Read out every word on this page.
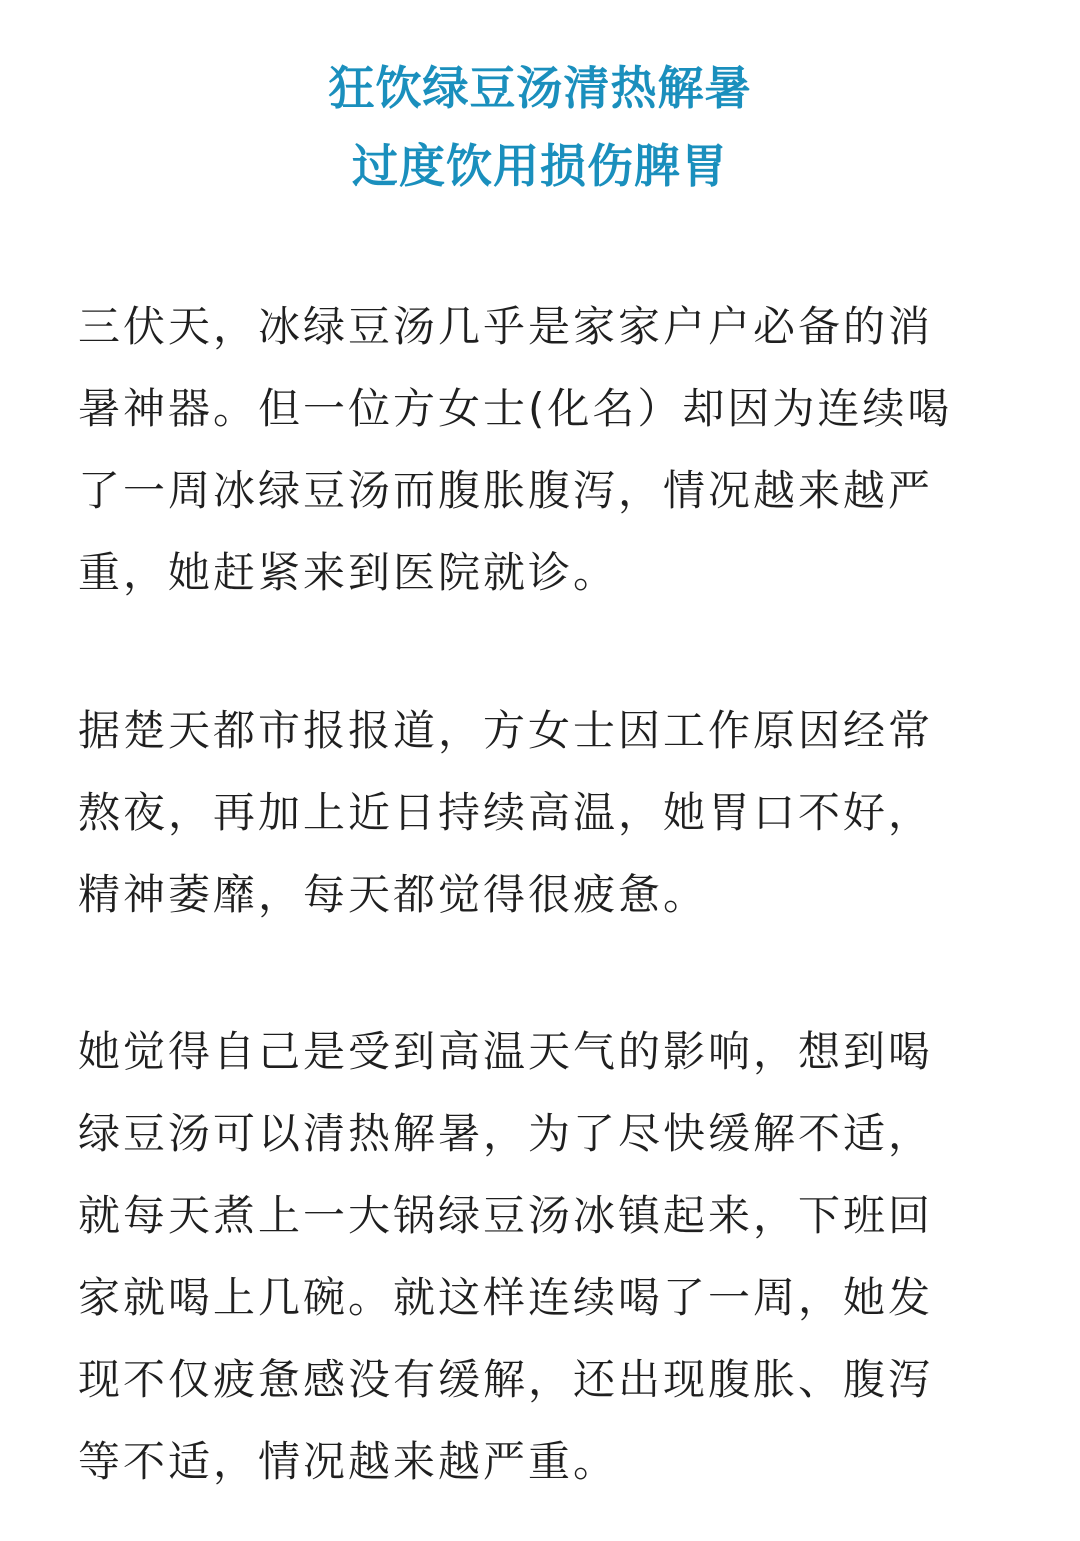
狂饮绿豆汤清热解暑
过度饮用损伤脾胃
三伏天，冰绿豆汤几乎是家家户户必备的消
暑神器。但一位方女士(化名）却因为连续喝
了一周冰绿豆汤而腹胀腹泻，情况越来越严
重，她赶紧来到医院就诊。
据楚天都市报报道，方女士因工作原因经常
熬夜，再加上近日持续高温，她胃口不好，
精神萎靡，每天都觉得很疲惫。
她觉得自己是受到高温天气的影响，想到喝
绿豆汤可以清热解暑，为了尽快缓解不适，
就每天煮上一大锅绿豆汤冰镇起来，下班回
家就喝上几碗。就这样连续喝了一周，她发
现不仅疲惫感没有缓解，还出现腹胀、腹泻
等不适，情况越来越严重。
